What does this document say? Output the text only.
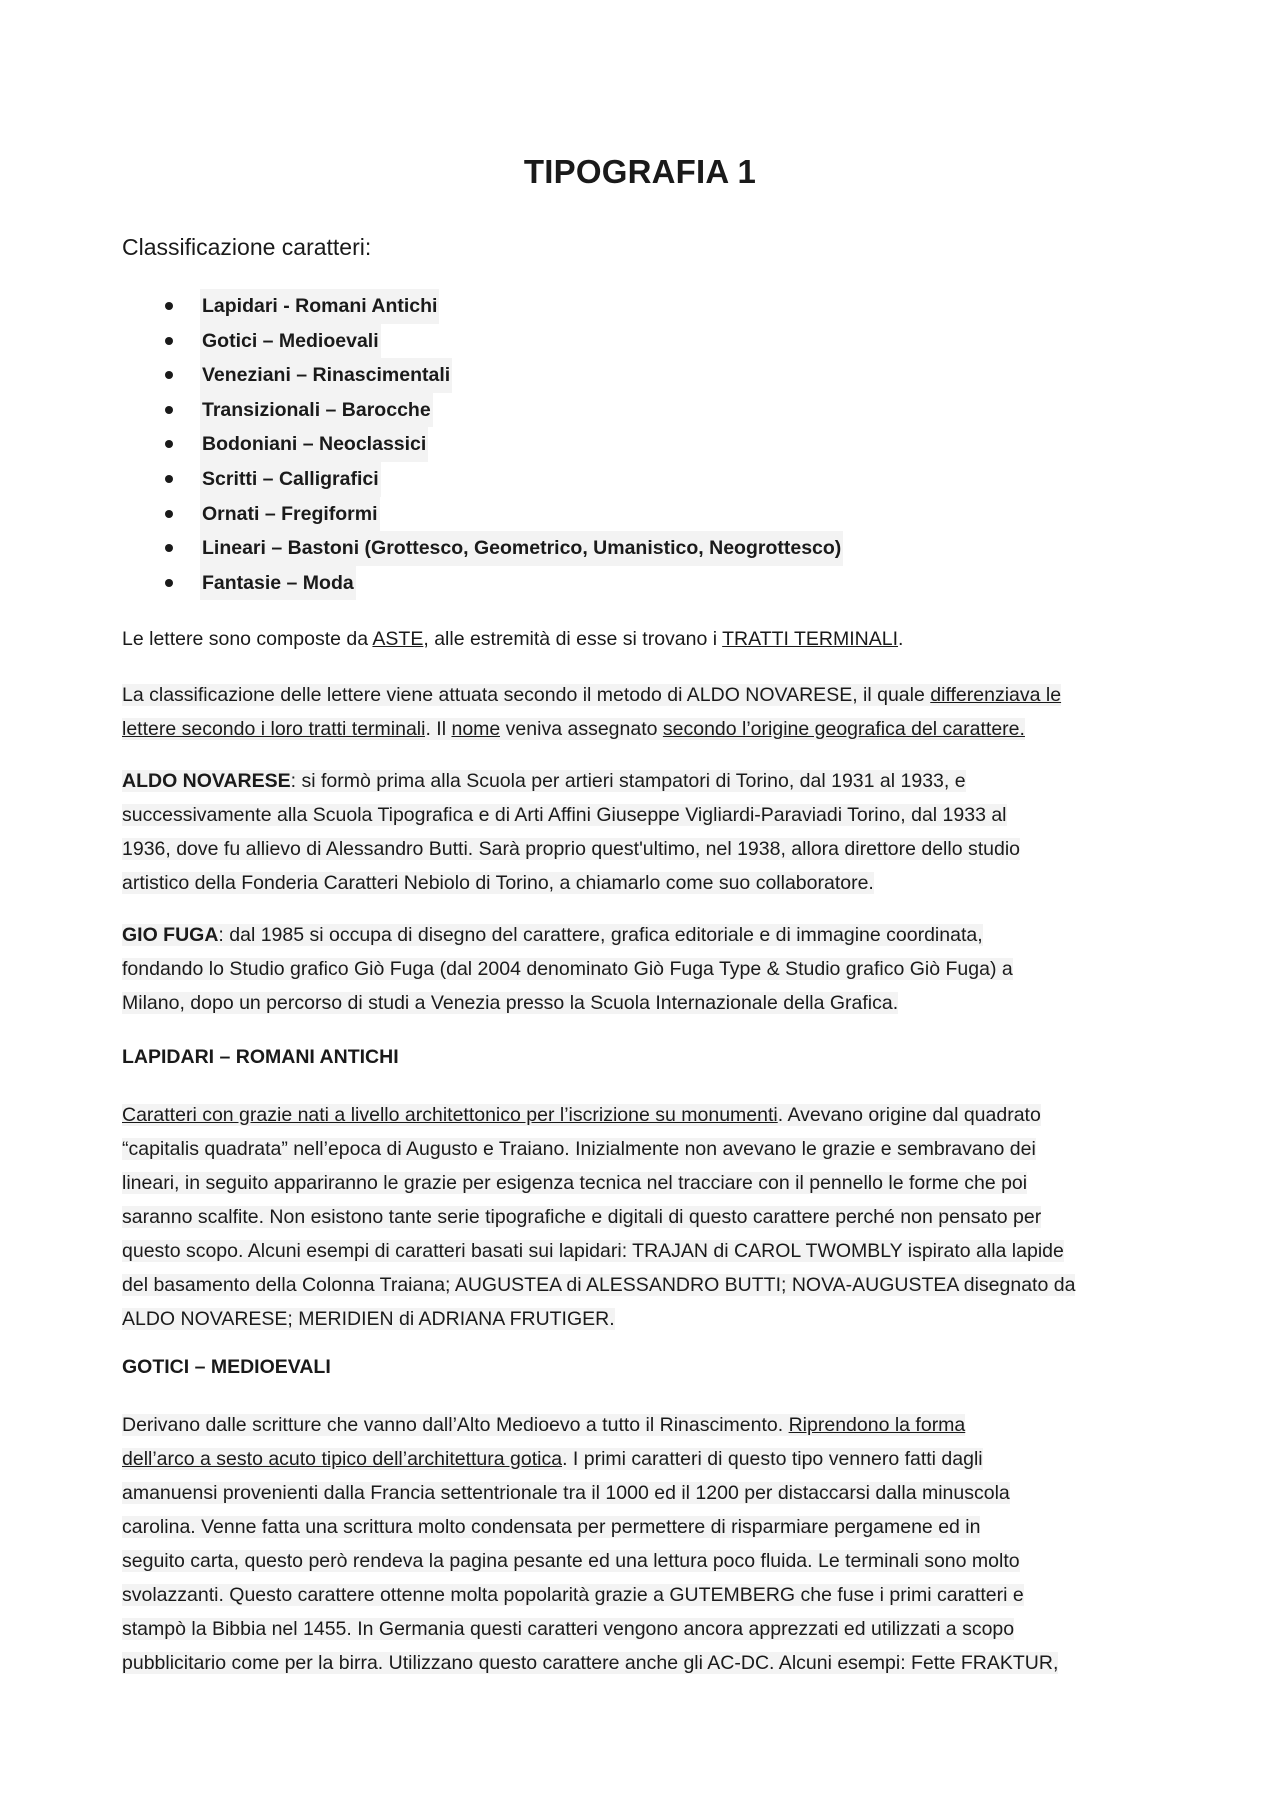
TIPOGRAFIA 1
Classificazione caratteri:
Lapidari - Romani Antichi
Gotici – Medioevali
Veneziani – Rinascimentali
Transizionali – Barocche
Bodoniani – Neoclassici
Scritti – Calligrafici
Ornati – Fregiformi
Lineari – Bastoni (Grottesco, Geometrico, Umanistico, Neogrottesco)
Fantasie – Moda
Le lettere sono composte da ASTE, alle estremità di esse si trovano i TRATTI TERMINALI.
La classificazione delle lettere viene attuata secondo il metodo di ALDO NOVARESE, il quale differenziava le
lettere secondo i loro tratti terminali. Il nome veniva assegnato secondo l’origine geografica del carattere.
ALDO NOVARESE: si formò prima alla Scuola per artieri stampatori di Torino, dal 1931 al 1933, e
successivamente alla Scuola Tipografica e di Arti Affini Giuseppe Vigliardi-Paraviadi Torino, dal 1933 al
1936, dove fu allievo di Alessandro Butti. Sarà proprio quest'ultimo, nel 1938, allora direttore dello studio
artistico della Fonderia Caratteri Nebiolo di Torino, a chiamarlo come suo collaboratore.
GIO FUGA: dal 1985 si occupa di disegno del carattere, grafica editoriale e di immagine coordinata,
fondando lo Studio grafico Giò Fuga (dal 2004 denominato Giò Fuga Type & Studio grafico Giò Fuga) a
Milano, dopo un percorso di studi a Venezia presso la Scuola Internazionale della Grafica.
LAPIDARI – ROMANI ANTICHI
Caratteri con grazie nati a livello architettonico per l’iscrizione su monumenti. Avevano origine dal quadrato
“capitalis quadrata” nell’epoca di Augusto e Traiano. Inizialmente non avevano le grazie e sembravano dei
lineari, in seguito appariranno le grazie per esigenza tecnica nel tracciare con il pennello le forme che poi
saranno scalfite. Non esistono tante serie tipografiche e digitali di questo carattere perché non pensato per
questo scopo. Alcuni esempi di caratteri basati sui lapidari: TRAJAN di CAROL TWOMBLY ispirato alla lapide
del basamento della Colonna Traiana; AUGUSTEA di ALESSANDRO BUTTI; NOVA-AUGUSTEA disegnato da
ALDO NOVARESE; MERIDIEN di ADRIANA FRUTIGER.
GOTICI – MEDIOEVALI
Derivano dalle scritture che vanno dall’Alto Medioevo a tutto il Rinascimento. Riprendono la forma
dell’arco a sesto acuto tipico dell’architettura gotica. I primi caratteri di questo tipo vennero fatti dagli
amanuensi provenienti dalla Francia settentrionale tra il 1000 ed il 1200 per distaccarsi dalla minuscola
carolina. Venne fatta una scrittura molto condensata per permettere di risparmiare pergamene ed in
seguito carta, questo però rendeva la pagina pesante ed una lettura poco fluida. Le terminali sono molto
svolazzanti. Questo carattere ottenne molta popolarità grazie a GUTEMBERG che fuse i primi caratteri e
stampò la Bibbia nel 1455. In Germania questi caratteri vengono ancora apprezzati ed utilizzati a scopo
pubblicitario come per la birra. Utilizzano questo carattere anche gli AC-DC. Alcuni esempi: Fette FRAKTUR,
